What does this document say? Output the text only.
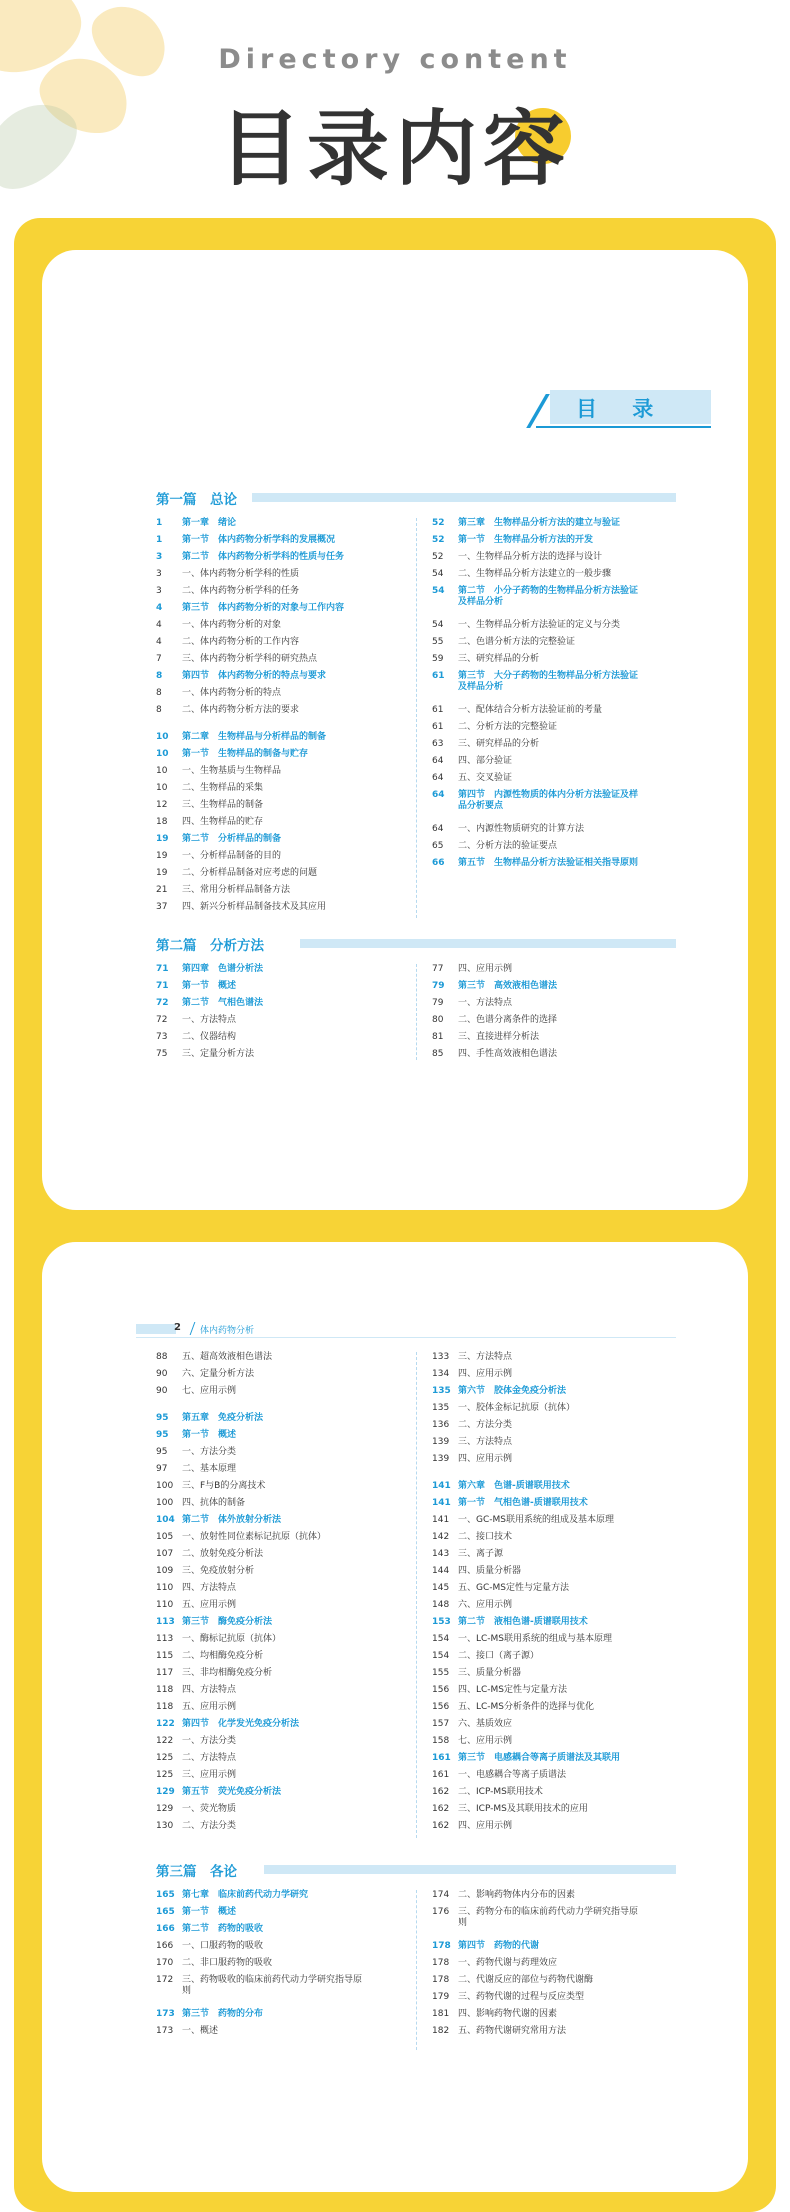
Directory content
目录内容
目 录
第一篇　总论
1	第一章　绪论
1	第一节　体内药物分析学科的发展概况
3	第二节　体内药物分析学科的性质与任务
3	一、体内药物分析学科的性质
3	二、体内药物分析学科的任务
4	第三节　体内药物分析的对象与工作内容
4	一、体内药物分析的对象
4	二、体内药物分析的工作内容
7	三、体内药物分析学科的研究热点
8	第四节　体内药物分析的特点与要求
8	一、体内药物分析的特点
8	二、体内药物分析方法的要求
10	第二章　生物样品与分析样品的制备
10	第一节　生物样品的制备与贮存
10	一、生物基质与生物样品
10	二、生物样品的采集
12	三、生物样品的制备
18	四、生物样品的贮存
19	第二节　分析样品的制备
19	一、分析样品制备的目的
19	二、分析样品制备对应考虑的问题
21	三、常用分析样品制备方法
37	四、新兴分析样品制备技术及其应用
52	第三章　生物样品分析方法的建立与验证
52	第一节　生物样品分析方法的开发
52	一、生物样品分析方法的选择与设计
54	二、生物样品分析方法建立的一般步骤
54	第二节　小分子药物的生物样品分析方法验证及样品分析
54	一、生物样品分析方法验证的定义与分类
55	二、色谱分析方法的完整验证
59	三、研究样品的分析
61	第三节　大分子药物的生物样品分析方法验证及样品分析
61	一、配体结合分析方法验证前的考量
61	二、分析方法的完整验证
63	三、研究样品的分析
64	四、部分验证
64	五、交叉验证
64	第四节　内源性物质的体内分析方法验证及样品分析要点
64	一、内源性物质研究的计算方法
65	二、分析方法的验证要点
66	第五节　生物样品分析方法验证相关指导原则
第二篇　分析方法
71	第四章　色谱分析法
71	第一节　概述
72	第二节　气相色谱法
72	一、方法特点
73	二、仪器结构
75	三、定量分析方法
77	四、应用示例
79	第三节　高效液相色谱法
79	一、方法特点
80	二、色谱分离条件的选择
81	三、直接进样分析法
85	四、手性高效液相色谱法
2 体内药物分析
88	五、超高效液相色谱法
90	六、定量分析方法
90	七、应用示例
95	第五章　免疫分析法
95	第一节　概述
95	一、方法分类
97	二、基本原理
100 三、F与B的分离技术
100 四、抗体的制备
104 第二节　体外放射分析法
105 一、放射性同位素标记抗原（抗体）
107 二、放射免疫分析法
109 三、免疫放射分析
110 四、方法特点
110 五、应用示例
113 第三节　酶免疫分析法
113 一、酶标记抗原（抗体）
115 二、均相酶免疫分析
117 三、非均相酶免疫分析
118 四、方法特点
118 五、应用示例
122 第四节　化学发光免疫分析法
122 一、方法分类
125 二、方法特点
125 三、应用示例
129 第五节　荧光免疫分析法
129 一、荧光物质
130 二、方法分类
133 三、方法特点
134 四、应用示例
135 第六节　胶体金免疫分析法
135 一、胶体金标记抗原（抗体）
136 二、方法分类
139 三、方法特点
139 四、应用示例
141 第六章　色谱-质谱联用技术
141 第一节　气相色谱-质谱联用技术
141 一、GC-MS联用系统的组成及基本原理
142 二、接口技术
143 三、离子源
144 四、质量分析器
145 五、GC-MS定性与定量方法
148 六、应用示例
153 第二节　液相色谱-质谱联用技术
154 一、LC-MS联用系统的组成与基本原理
154 二、接口（离子源）
155 三、质量分析器
156 四、LC-MS定性与定量方法
156 五、LC-MS分析条件的选择与优化
157 六、基质效应
158 七、应用示例
161 第三节　电感耦合等离子质谱法及其联用
161 一、电感耦合等离子质谱法
162 二、ICP-MS联用技术
162 三、ICP-MS及其联用技术的应用
162 四、应用示例
第三篇　各论
165 第七章　临床前药代动力学研究
165 第一节　概述
166 第二节　药物的吸收
166 一、口服药物的吸收
170 二、非口服药物的吸收
172 三、药物吸收的临床前药代动力学研究指导原则
173 第三节　药物的分布
173 一、概述
174 二、影响药物体内分布的因素
176 三、药物分布的临床前药代动力学研究指导原则
178 第四节　药物的代谢
178 一、药物代谢与药理效应
178 二、代谢反应的部位与药物代谢酶
179 三、药物代谢的过程与反应类型
181 四、影响药物代谢的因素
182 五、药物代谢研究常用方法
